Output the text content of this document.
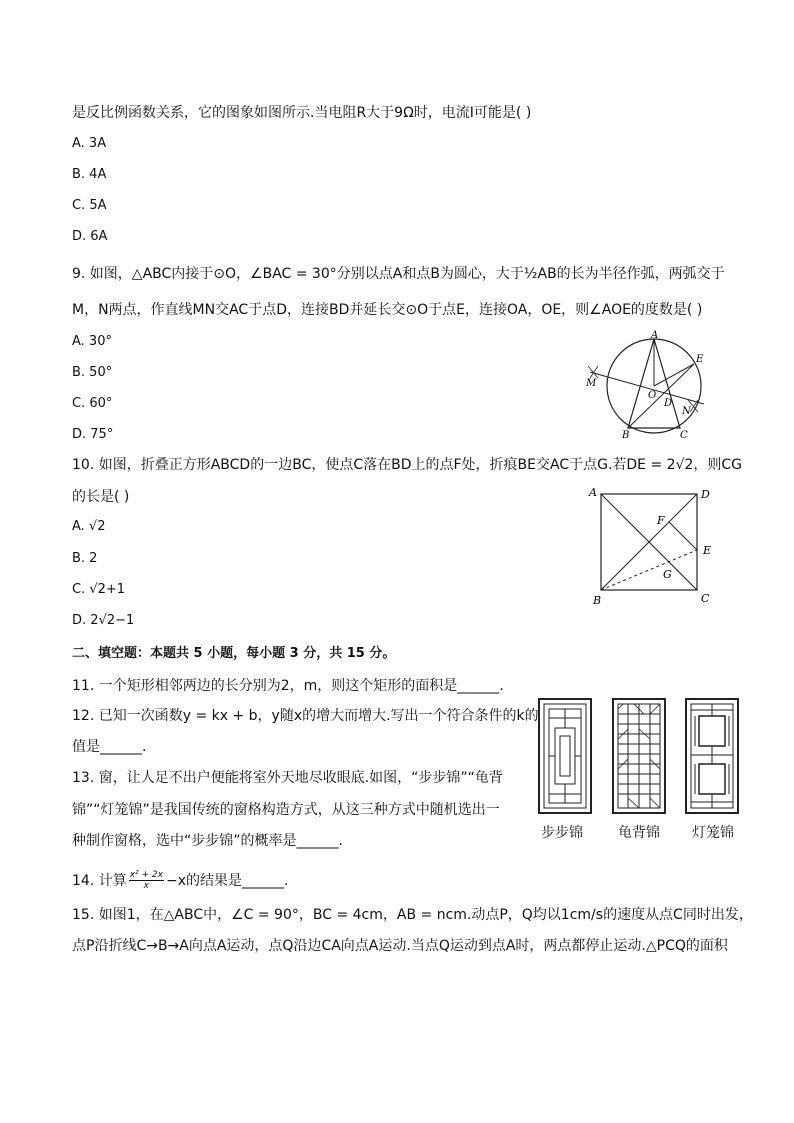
是反比例函数关系，它的图象如图所示.当电阻R大于9Ω时，电流I可能是( )
A. 3A
B. 4A
C. 5A
D. 6A
9. 如图，△ABC内接于⊙O，∠BAC = 30°分别以点A和点B为圆心，大于½AB的长为半径作弧，两弧交于
M，N两点，作直线MN交AC于点D，连接BD并延长交⊙O于点E，连接OA，OE，则∠AOE的度数是( )
A. 30°
B. 50°
C. 60°
D. 75°
A
B	C
D
E
M
N
O
10. 如图，折叠正方形ABCD的一边BC，使点C落在BD上的点F处，折痕BE交AC于点G.若DE = 2√2，则CG
的长是( )
A. √2
B. 2
C. √2+1
D. 2√2−1
A	D
B	C
E
F
G
二、填空题：本题共 5 小题，每小题 3 分，共 15 分。
11. 一个矩形相邻两边的长分别为2，m，则这个矩形的面积是______.
12. 已知一次函数y = kx + b，y随x的增大而增大.写出一个符合条件的k的
值是______.
13. 窗，让人足不出户便能将室外天地尽收眼底.如图，“步步锦”“龟背
锦”“灯笼锦”是我国传统的窗格构造方式，从这三种方式中随机选出一
种制作窗格，选中“步步锦”的概率是______.	步步锦	龟背锦 灯笼锦
14. 计算 $\frac{\text{x² + 2x}}{x} -x$的结果是______.
15. 如图1，在△ABC中，∠C = 90°，BC = 4cm，AB = ncm.动点P，Q均以1cm/s的速度从点C同时出发，
点P沿折线C→B→A向点A运动，点Q沿边CA向点A运动.当点Q运动到点A时，两点都停止运动.△PCQ的面积
